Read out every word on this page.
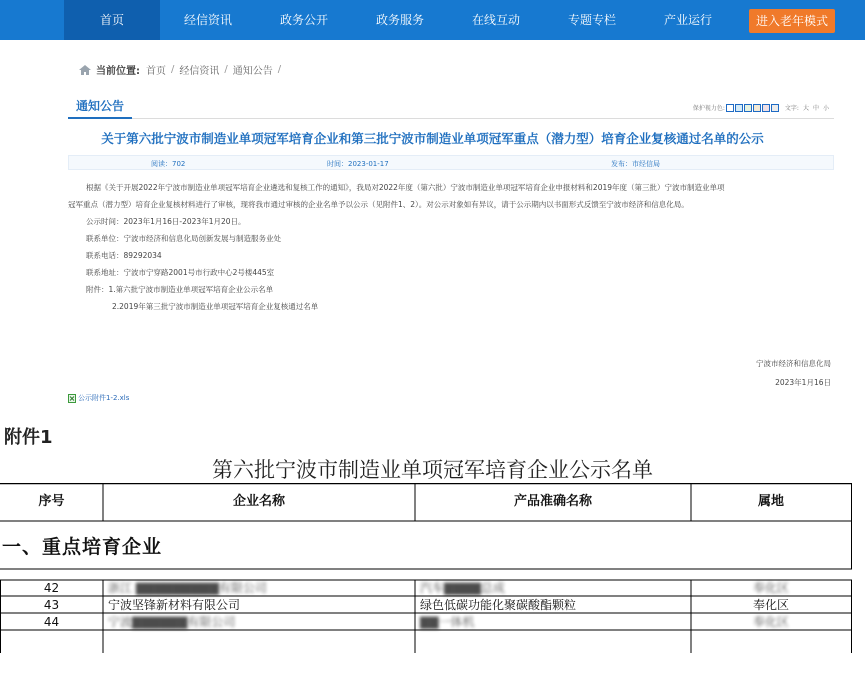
首页	经信资讯	政务公开	政务服务	在线互动	专题专栏	产业运行	进入老年模式
当前位置: 首页 / 经信资讯 / 通知公告 /
通知公告	保护视力色:	文字: 大 中 小
关于第六批宁波市制造业单项冠军培育企业和第三批宁波市制造业单项冠军重点（潜力型）培育企业复核通过名单的公示
阅读：702	时间：2023-01-17	发布：市经信局
根据《关于开展2022年宁波市制造业单项冠军培育企业遴选和复核工作的通知》，我局对2022年度（第六批）宁波市制造业单项冠军培育企业申报材料和2019年度（第三批）宁波市制造业单项
冠军重点（潜力型）培育企业复核材料进行了审核，现将我市通过审核的企业名单予以公示（见附件1、2）。对公示对象如有异议，请于公示期内以书面形式反馈至宁波市经济和信息化局。
公示时间：2023年1月16日-2023年1月20日。
联系单位：宁波市经济和信息化局创新发展与制造服务业处
联系电话：89292034
联系地址：宁波市宁穿路2001号市行政中心2号楼445室
附件：1.第六批宁波市制造业单项冠军培育企业公示名单
2.2019年第三批宁波市制造业单项冠军培育企业复核通过名单
宁波市经济和信息化局
2023年1月16日
公示附件1-2.xls
附件1
第六批宁波市制造业单项冠军培育企业公示名单
序号	企业名称	产品准确名称	属地
一、重点培育企业
42	浙江 ▇▇▇▇▇▇▇▇▇有限公司	汽车▇▇▇▇总成	奉化区
43	宁波坚锋新材料有限公司	绿色低碳功能化聚碳酸酯颗粒	奉化区
44	宁波▇▇▇▇▇▇有限公司	▇▇一体机	奉化区
